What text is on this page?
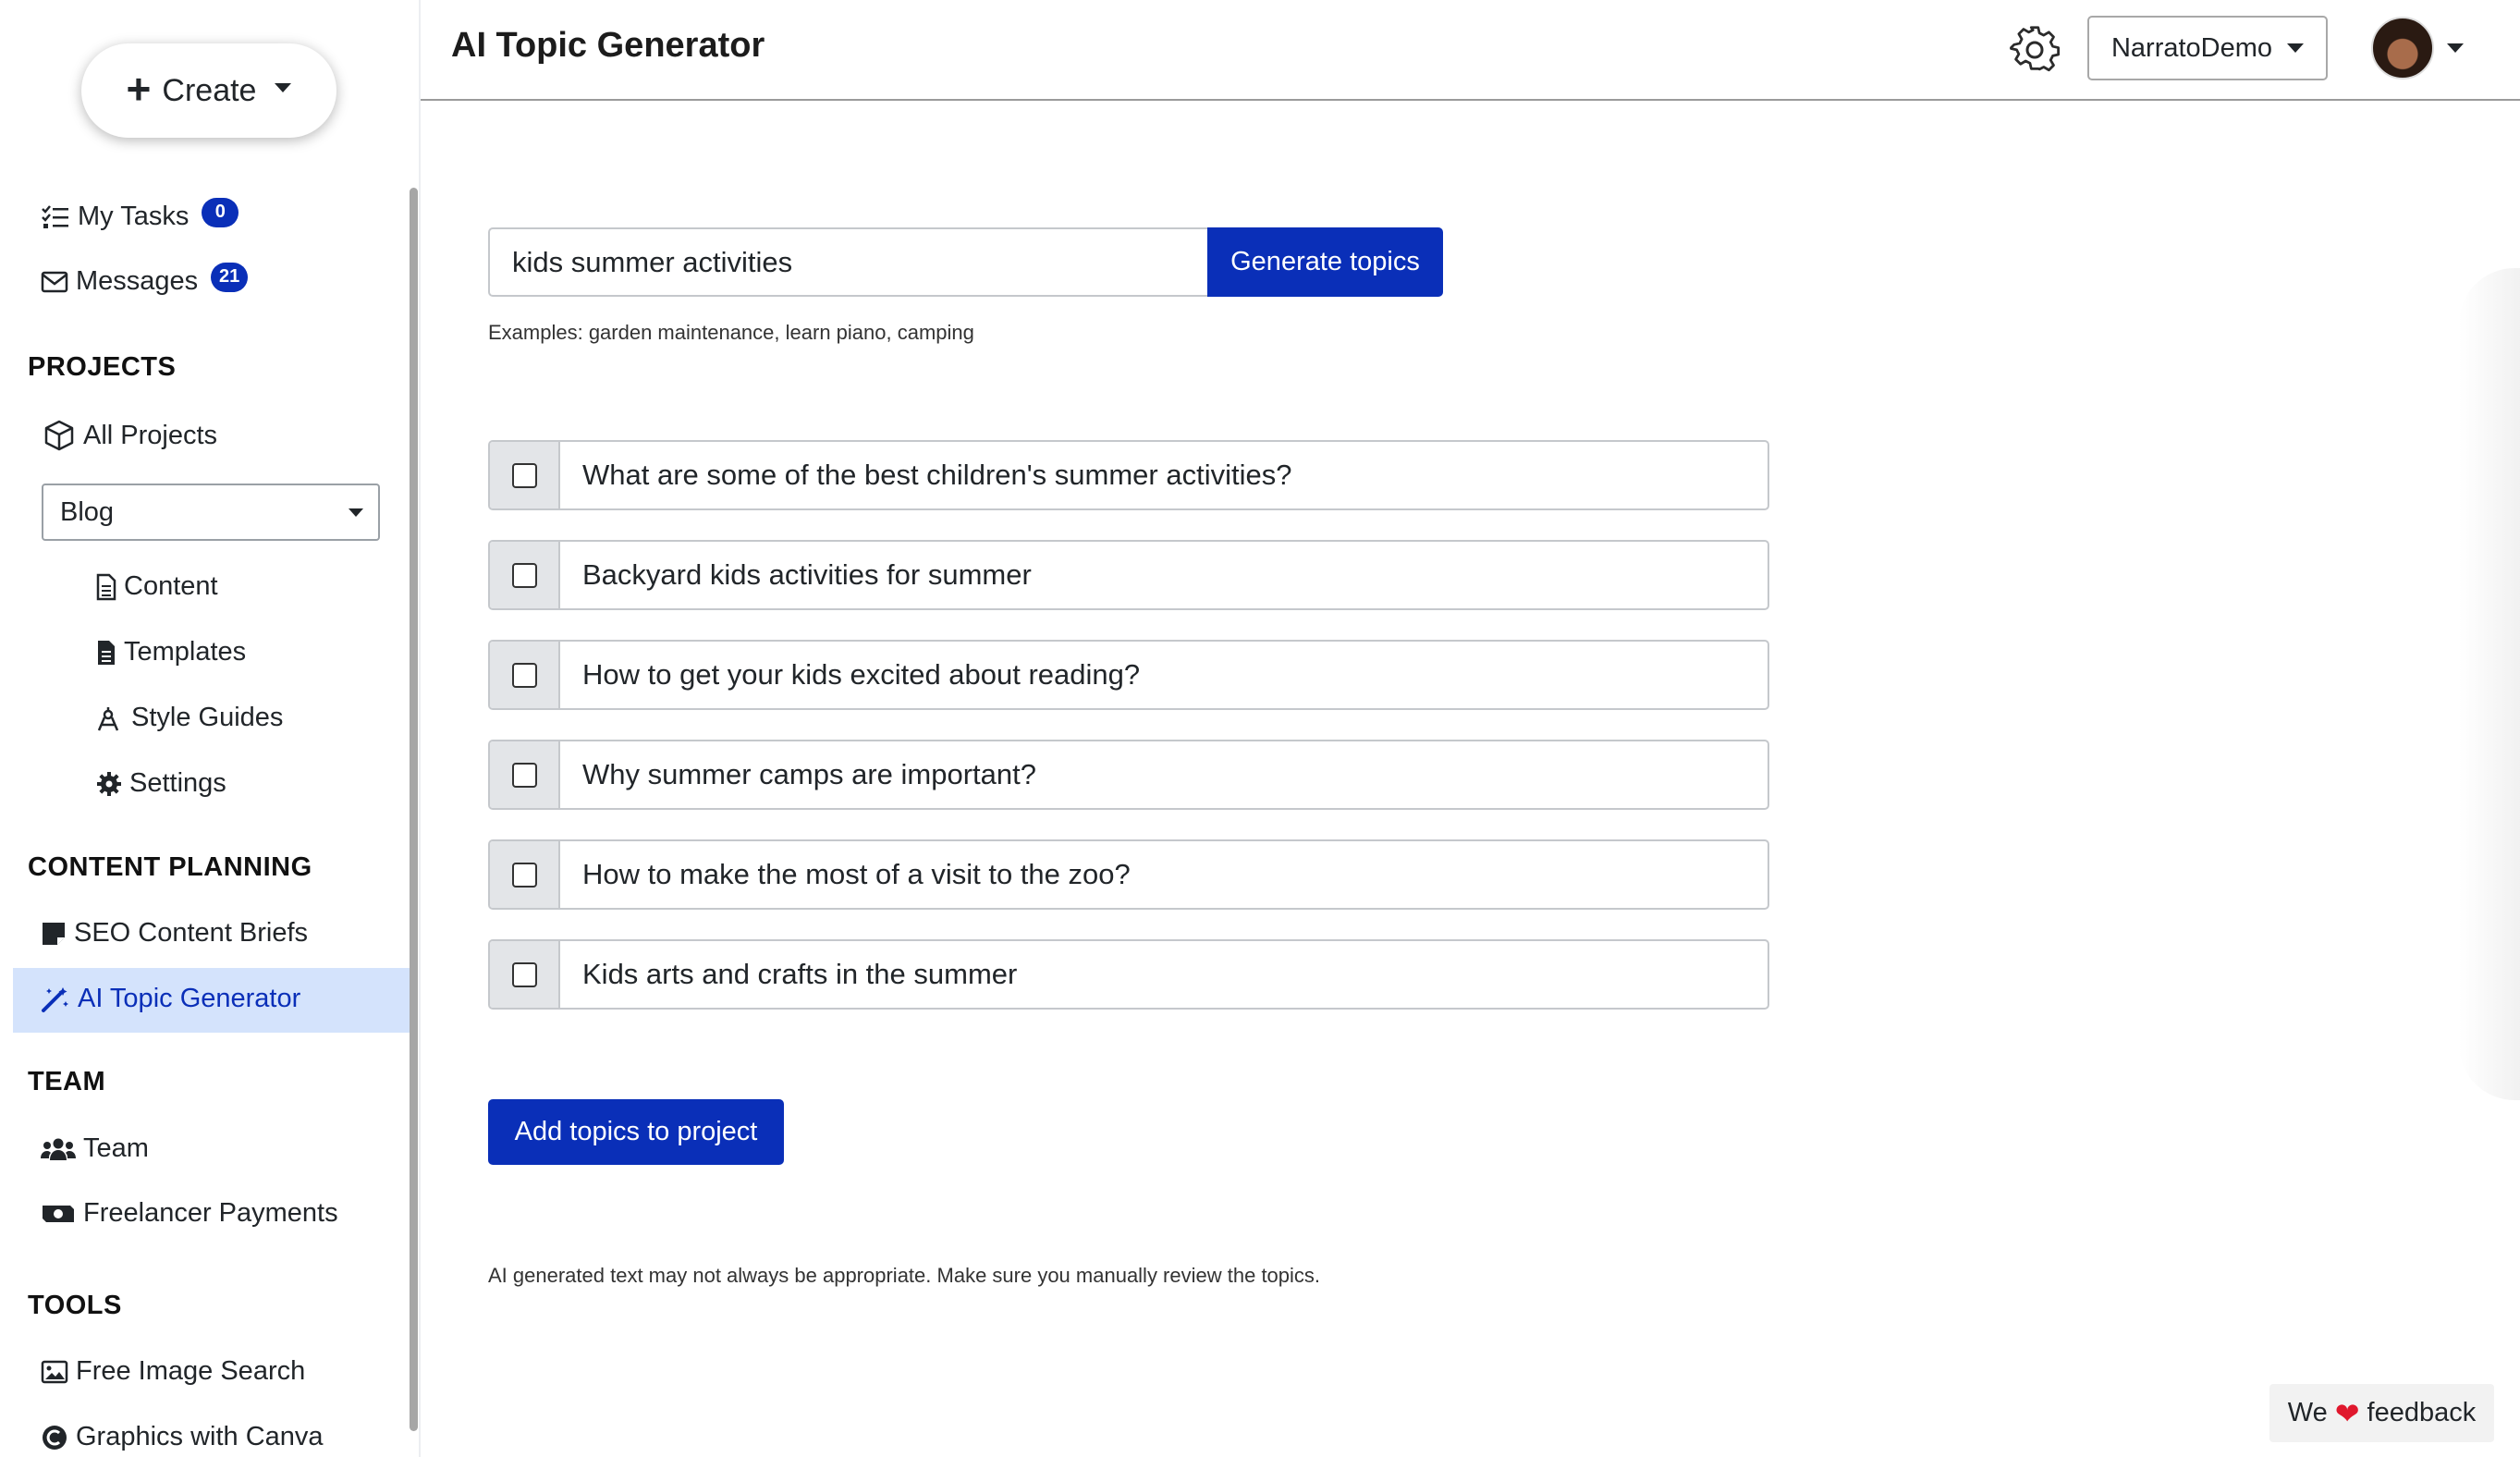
+ Create
My Tasks	0
Messages	21
PROJECTS
All Projects
Blog
Content
Templates
Style Guides
Settings
CONTENT PLANNING
SEO Content Briefs
AI Topic Generator
TEAM
Team
Freelancer Payments
TOOLS
Free Image Search
Graphics with Canva
AI Topic Generator	NarratoDemo
kids summer activities	Generate topics
Examples: garden maintenance, learn piano, camping
What are some of the best children's summer activities?
Backyard kids activities for summer
How to get your kids excited about reading?
Why summer camps are important?
How to make the most of a visit to the zoo?
Kids arts and crafts in the summer
Add topics to project
AI generated text may not always be appropriate. Make sure you manually review the topics.
We ❤ feedback
